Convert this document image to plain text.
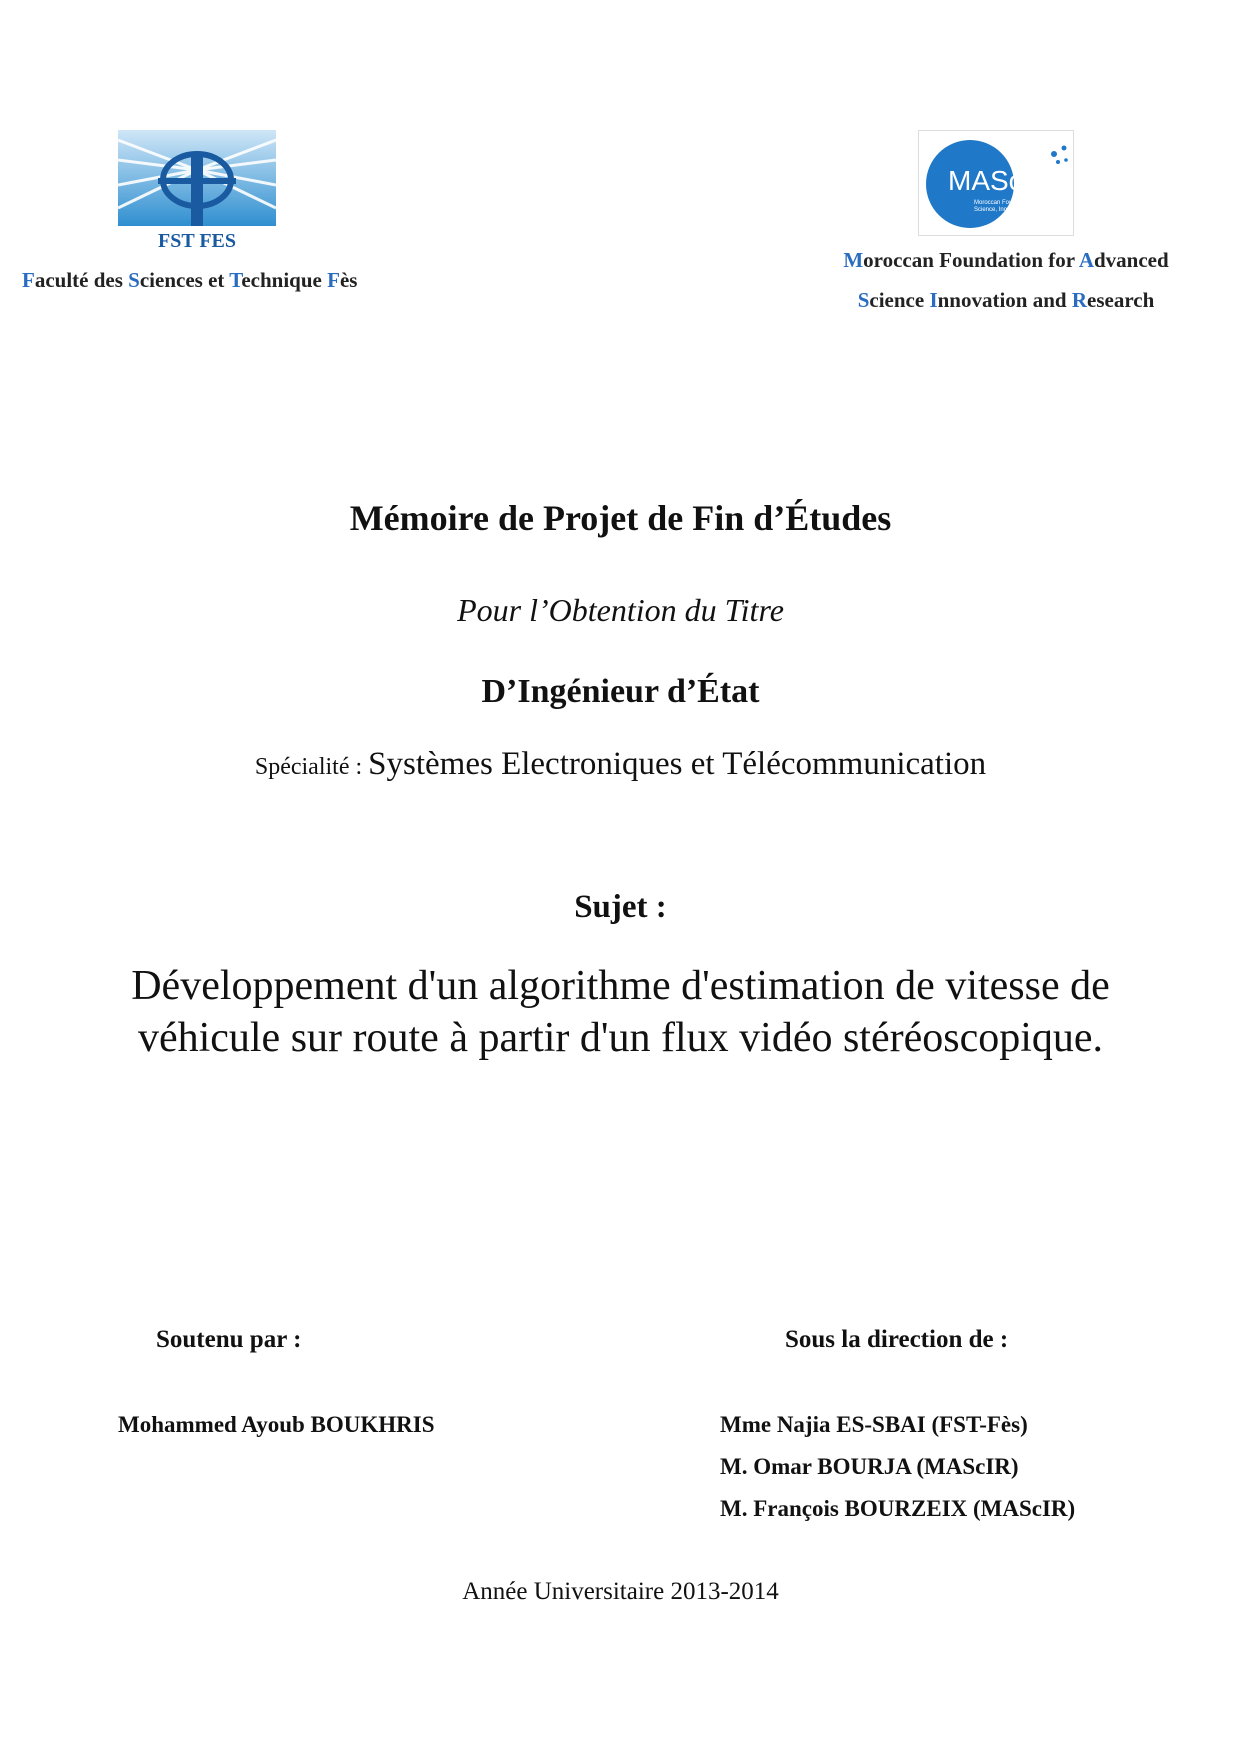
FST FES
Faculté des Sciences et Technique Fès
MAScIR
Moroccan Foundation for Advanced
Science, Innovation and Research
Moroccan Foundation for Advanced
Science Innovation and Research
Mémoire de Projet de Fin d’Études
Pour l’Obtention du Titre
D’Ingénieur d’État
Spécialité : Systèmes Electroniques et Télécommunication
Sujet :
Développement d'un algorithme d'estimation de vitesse de véhicule sur route à partir d'un flux vidéo stéréoscopique.
Soutenu par :	Sous la direction de :
Mohammed Ayoub BOUKHRIS	Mme Najia ES-SBAI (FST-Fès)
M. Omar BOURJA (MAScIR)
M. François BOURZEIX (MAScIR)
Année Universitaire 2013-2014
